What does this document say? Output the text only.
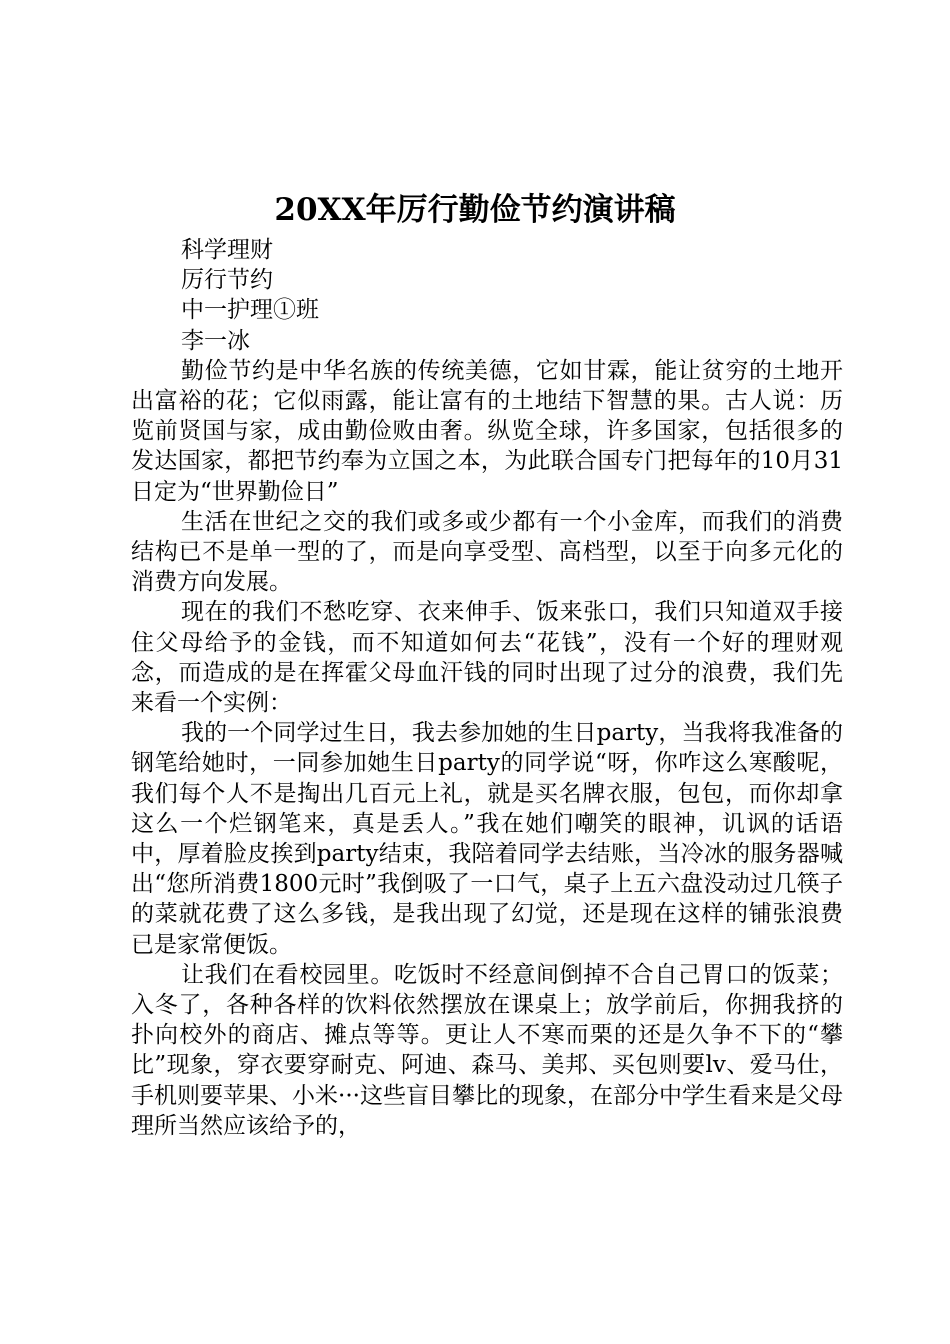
20XX年厉行勤俭节约演讲稿

科学理财

厉行节约

中一护理①班

李一冰

勤俭节约是中华名族的传统美德，它如甘霖，能让贫穷的土地开出富裕的花；它似雨露，能让富有的土地结下智慧的果。古人说：历览前贤国与家，成由勤俭败由奢。纵览全球，许多国家，包括很多的发达国家，都把节约奉为立国之本，为此联合国专门把每年的10月31日定为“世界勤俭日”

生活在世纪之交的我们或多或少都有一个小金库，而我们的消费结构已不是单一型的了，而是向享受型、高档型，以至于向多元化的消费方向发展。

现在的我们不愁吃穿、衣来伸手、饭来张口，我们只知道双手接住父母给予的金钱，而不知道如何去“花钱”，没有一个好的理财观念，而造成的是在挥霍父母血汗钱的同时出现了过分的浪费，我们先来看一个实例：

我的一个同学过生日，我去参加她的生日party，当我将我准备的钢笔给她时，一同参加她生日party的同学说“呀，你咋这么寒酸呢，我们每个人不是掏出几百元上礼，就是买名牌衣服，包包，而你却拿这么一个烂钢笔来，真是丢人。”我在她们嘲笑的眼神，讥讽的话语中，厚着脸皮挨到party结束，我陪着同学去结账，当冷冰的服务器喊出“您所消费1800元时”我倒吸了一口气，桌子上五六盘没动过几筷子的菜就花费了这么多钱，是我出现了幻觉，还是现在这样的铺张浪费已是家常便饭。

让我们在看校园里。吃饭时不经意间倒掉不合自己胃口的饭菜；入冬了，各种各样的饮料依然摆放在课桌上；放学前后，你拥我挤的扑向校外的商店、摊点等等。更让人不寒而栗的还是久争不下的“攀比”现象，穿衣要穿耐克、阿迪、森马、美邦、买包则要lv、爱马仕，手机则要苹果、小米···这些盲目攀比的现象，在部分中学生看来是父母理所当然应该给予的，
